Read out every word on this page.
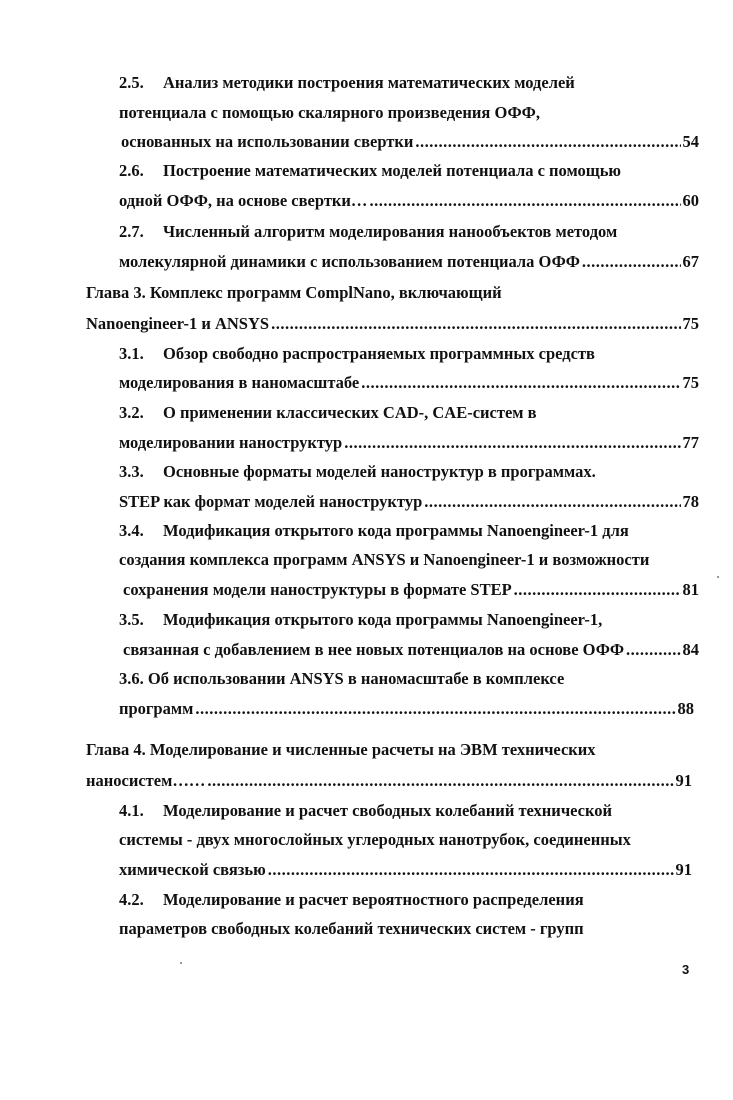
2.5. Анализ методики построения математических моделей
потенциала с помощью скалярного произведения ОФФ,
основанных на использовании свертки .....	54
2.6. Построение математических моделей потенциала с помощью
одной ОФФ, на основе свертки… .....	60
2.7. Численный алгоритм моделирования нанообъектов методом
молекулярной динамики с использованием потенциала ОФФ .....	67
Глава 3. Комплекс программ ComplNano, включающий
Nanoengineer-1 и ANSYS .....	75
3.1. Обзор свободно распространяемых программных средств
моделирования в наномасштабе .....	75
3.2. О применении классических CAD-, CAE-систем в
моделировании наноструктур .....	77
3.3. Основные форматы моделей наноструктур в программах.
STEP как формат моделей наноструктур .....	78
3.4. Модификация открытого кода программы Nanoengineer-1 для
создания комплекса программ ANSYS и Nanoengineer-1 и возможности
сохранения модели наноструктуры в формате STEP .....	81
3.5. Модификация открытого кода программы Nanoengineer-1,
связанная с добавлением в нее новых потенциалов на основе ОФФ .....	84
3.6. Об использовании ANSYS в наномасштабе в комплексе
программ .....	88
Глава 4. Моделирование и численные расчеты на ЭВМ технических
наносистем…… .....	91
4.1. Моделирование и расчет свободных колебаний технической
системы - двух многослойных углеродных нанотрубок, соединенных
химической связью .....	91
4.2. Моделирование и расчет вероятностного распределения
параметров свободных колебаний технических систем - групп
3
